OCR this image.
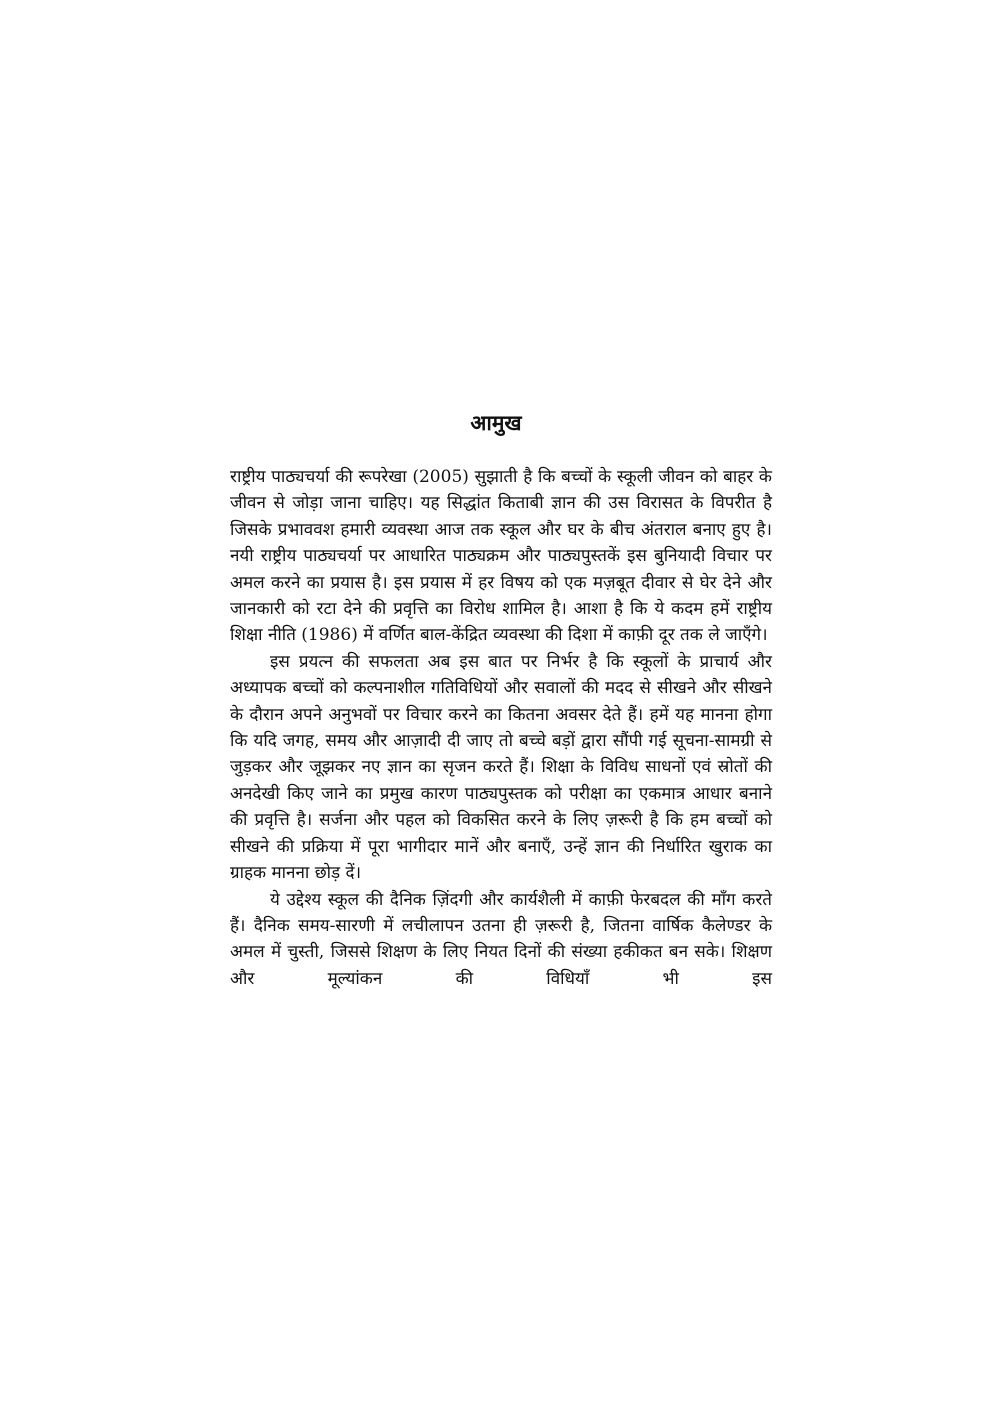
आमुख

राष्ट्रीय पाठ्यचर्या की रूपरेखा (2005) सुझाती है कि बच्चों के स्कूली जीवन को बाहर के जीवन से जोड़ा जाना चाहिए। यह सिद्धांत किताबी ज्ञान की उस विरासत के विपरीत है जिसके प्रभाववश हमारी व्यवस्था आज तक स्कूल और घर के बीच अंतराल बनाए हुए है। नयी राष्ट्रीय पाठ्यचर्या पर आधारित पाठ्यक्रम और पाठ्यपुस्तकें इस बुनियादी विचार पर अमल करने का प्रयास है। इस प्रयास में हर विषय को एक मज़बूत दीवार से घेर देने और जानकारी को रटा देने की प्रवृत्ति का विरोध शामिल है। आशा है कि ये कदम हमें राष्ट्रीय शिक्षा नीति (1986) में वर्णित बाल-केंद्रित व्यवस्था की दिशा में काफ़ी दूर तक ले जाएँगे।

इस प्रयत्न की सफलता अब इस बात पर निर्भर है कि स्कूलों के प्राचार्य और अध्यापक बच्चों को कल्पनाशील गतिविधियों और सवालों की मदद से सीखने और सीखने के दौरान अपने अनुभवों पर विचार करने का कितना अवसर देते हैं। हमें यह मानना होगा कि यदि जगह, समय और आज़ादी दी जाए तो बच्चे बड़ों द्वारा सौंपी गई सूचना-सामग्री से जुड़कर और जूझकर नए ज्ञान का सृजन करते हैं। शिक्षा के विविध साधनों एवं स्रोतों की अनदेखी किए जाने का प्रमुख कारण पाठ्यपुस्तक को परीक्षा का एकमात्र आधार बनाने की प्रवृत्ति है। सर्जना और पहल को विकसित करने के लिए ज़रूरी है कि हम बच्चों को सीखने की प्रक्रिया में पूरा भागीदार मानें और बनाएँ, उन्हें ज्ञान की निर्धारित खुराक का ग्राहक मानना छोड़ दें।

ये उद्देश्य स्कूल की दैनिक ज़िंदगी और कार्यशैली में काफ़ी फेरबदल की माँग करते हैं। दैनिक समय-सारणी में लचीलापन उतना ही ज़रूरी है, जितना वार्षिक कैलेण्डर के अमल में चुस्ती, जिससे शिक्षण के लिए नियत दिनों की संख्या हकीकत बन सके। शिक्षण और मूल्यांकन की विधियाँ भी इस
